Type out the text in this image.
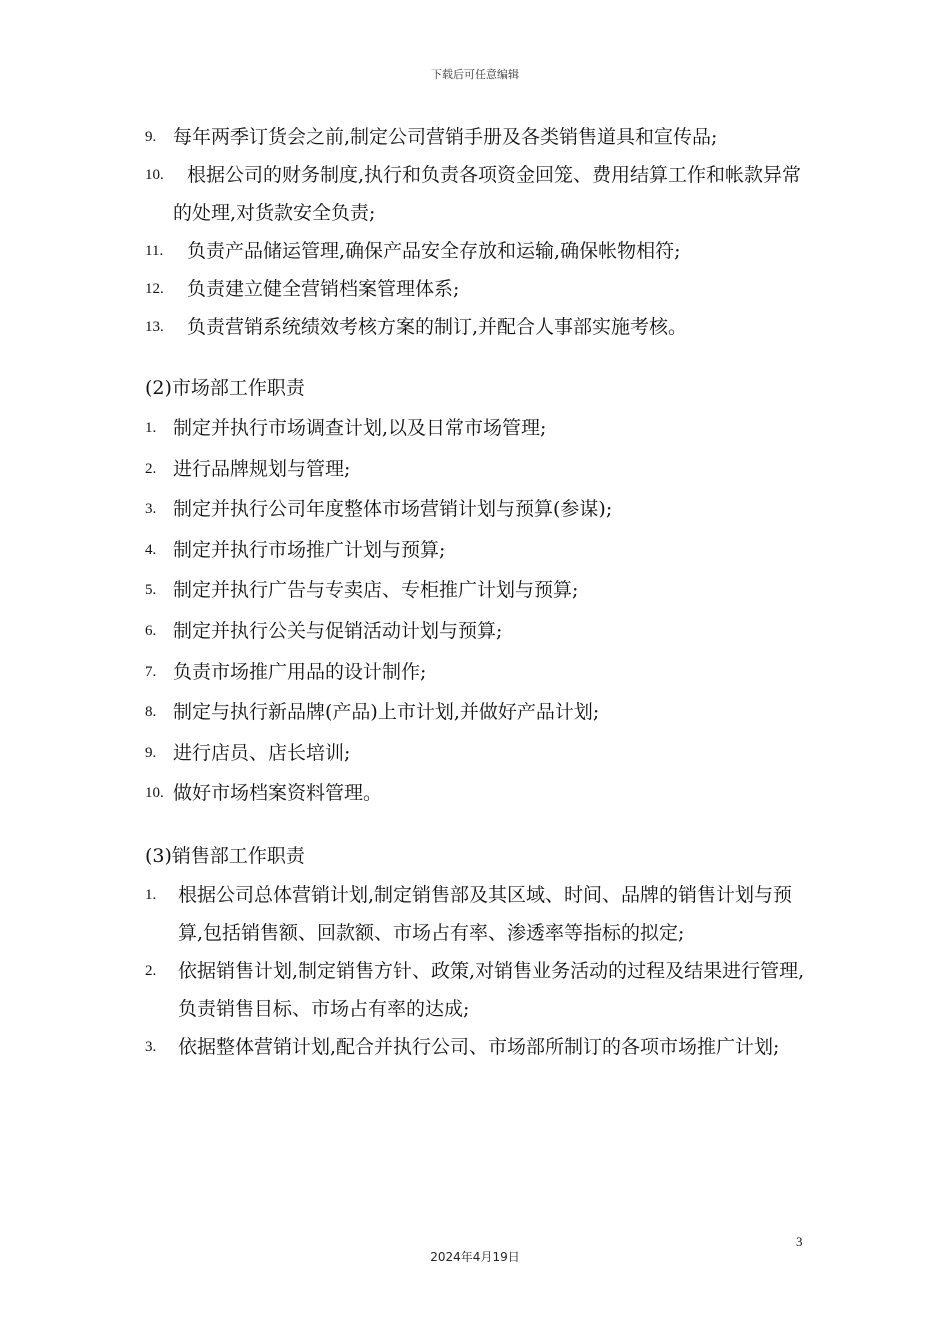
下载后可任意编辑
9. 每年两季订货会之前,制定公司营销手册及各类销售道具和宣传品;
10.	根据公司的财务制度,执行和负责各项资金回笼、费用结算工作和帐款异常的处理,对货款安全负责;
11.	负责产品储运管理,确保产品安全存放和运输,确保帐物相符;
12.	负责建立健全营销档案管理体系;
13.	负责营销系统绩效考核方案的制订,并配合人事部实施考核。
(2)市场部工作职责
1. 制定并执行市场调查计划,以及日常市场管理;
2. 进行品牌规划与管理;
3. 制定并执行公司年度整体市场营销计划与预算(参谋);
4. 制定并执行市场推广计划与预算;
5. 制定并执行广告与专卖店、专柜推广计划与预算;
6. 制定并执行公关与促销活动计划与预算;
7. 负责市场推广用品的设计制作;
8. 制定与执行新品牌(产品)上市计划,并做好产品计划;
9. 进行店员、店长培训;
10. 做好市场档案资料管理。
(3)销售部工作职责
1.	根据公司总体营销计划,制定销售部及其区域、时间、品牌的销售计划与预算,包括销售额、回款额、市场占有率、渗透率等指标的拟定;
2.	依据销售计划,制定销售方针、政策,对销售业务活动的过程及结果进行管理,负责销售目标、市场占有率的达成;
3.	依据整体营销计划,配合并执行公司、市场部所制订的各项市场推广计划;
3
2024年4月19日
